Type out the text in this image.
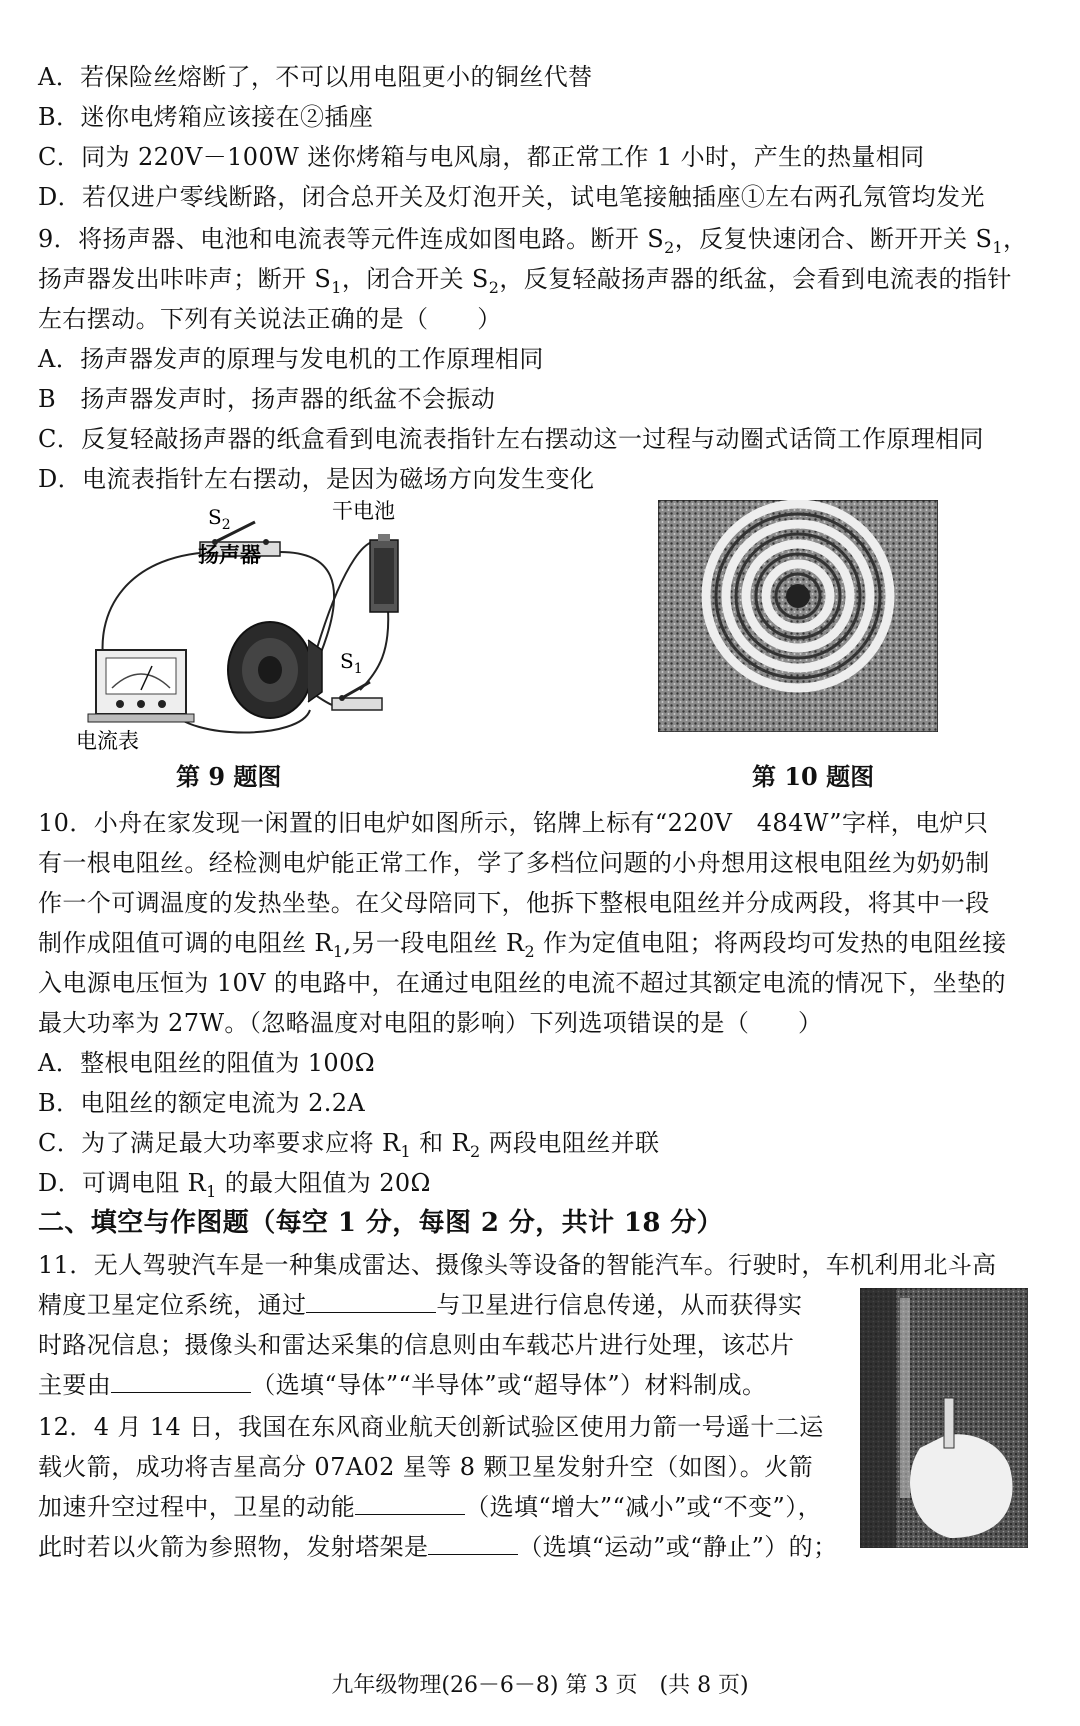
A．若保险丝熔断了，不可以用电阻更小的铜丝代替
B．迷你电烤箱应该接在②插座
C．同为 220V－100W 迷你烤箱与电风扇，都正常工作 1 小时，产生的热量相同
D．若仅进户零线断路，闭合总开关及灯泡开关，试电笔接触插座①左右两孔氖管均发光
9．将扬声器、电池和电流表等元件连成如图电路。断开 $S_2$，反复快速闭合、断开开关 $S_1$，
扬声器发出咔咔声；断开 $S_1$，闭合开关 $S_2$，反复轻敲扬声器的纸盆，会看到电流表的指针
左右摆动。下列有关说法正确的是（　　）
A．扬声器发声的原理与发电机的工作原理相同
B　扬声器发声时，扬声器的纸盆不会振动
C．反复轻敲扬声器的纸盒看到电流表指针左右摆动这一过程与动圈式话筒工作原理相同
D．电流表指针左右摆动，是因为磁场方向发生变化
$S_2$
干电池
扬声器
$S_1$
电流表
第 9 题图	第 10 题图
10．小舟在家发现一闲置的旧电炉如图所示，铭牌上标有“220V　484W”字样，电炉只
有一根电阻丝。经检测电炉能正常工作，学了多档位问题的小舟想用这根电阻丝为奶奶制
作一个可调温度的发热坐垫。在父母陪同下，他拆下整根电阻丝并分成两段，将其中一段
制作成阻值可调的电阻丝 $R_1$,另一段电阻丝 $R_2$ 作为定值电阻；将两段均可发热的电阻丝接
入电源电压恒为 10V 的电路中，在通过电阻丝的电流不超过其额定电流的情况下，坐垫的
最大功率为 27W。（忽略温度对电阻的影响）下列选项错误的是（　　）
A．整根电阻丝的阻值为 100Ω
B．电阻丝的额定电流为 2.2A
C．为了满足最大功率要求应将 $R_1$ 和 $R_2$ 两段电阻丝并联
D．可调电阻 $R_1$ 的最大阻值为 20Ω
二、填空与作图题（每空 1 分，每图 2 分，共计 18 分）
11．无人驾驶汽车是一种集成雷达、摄像头等设备的智能汽车。行驶时，车机利用北斗高
精度卫星定位系统，通过	与卫星进行信息传递，从而获得实
时路况信息；摄像头和雷达采集的信息则由车载芯片进行处理，该芯片
主要由	（选填“导体”“半导体”或“超导体”）材料制成。
12．4 月 14 日，我国在东风商业航天创新试验区使用力箭一号遥十二运
载火箭，成功将吉星高分 07A02 星等 8 颗卫星发射升空（如图）。火箭
加速升空过程中，卫星的动能	（选填“增大”“减小”或“不变”），
此时若以火箭为参照物，发射塔架是	（选填“运动”或“静止”）的；
九年级物理(26－6－8) 第 3 页　(共 8 页)
